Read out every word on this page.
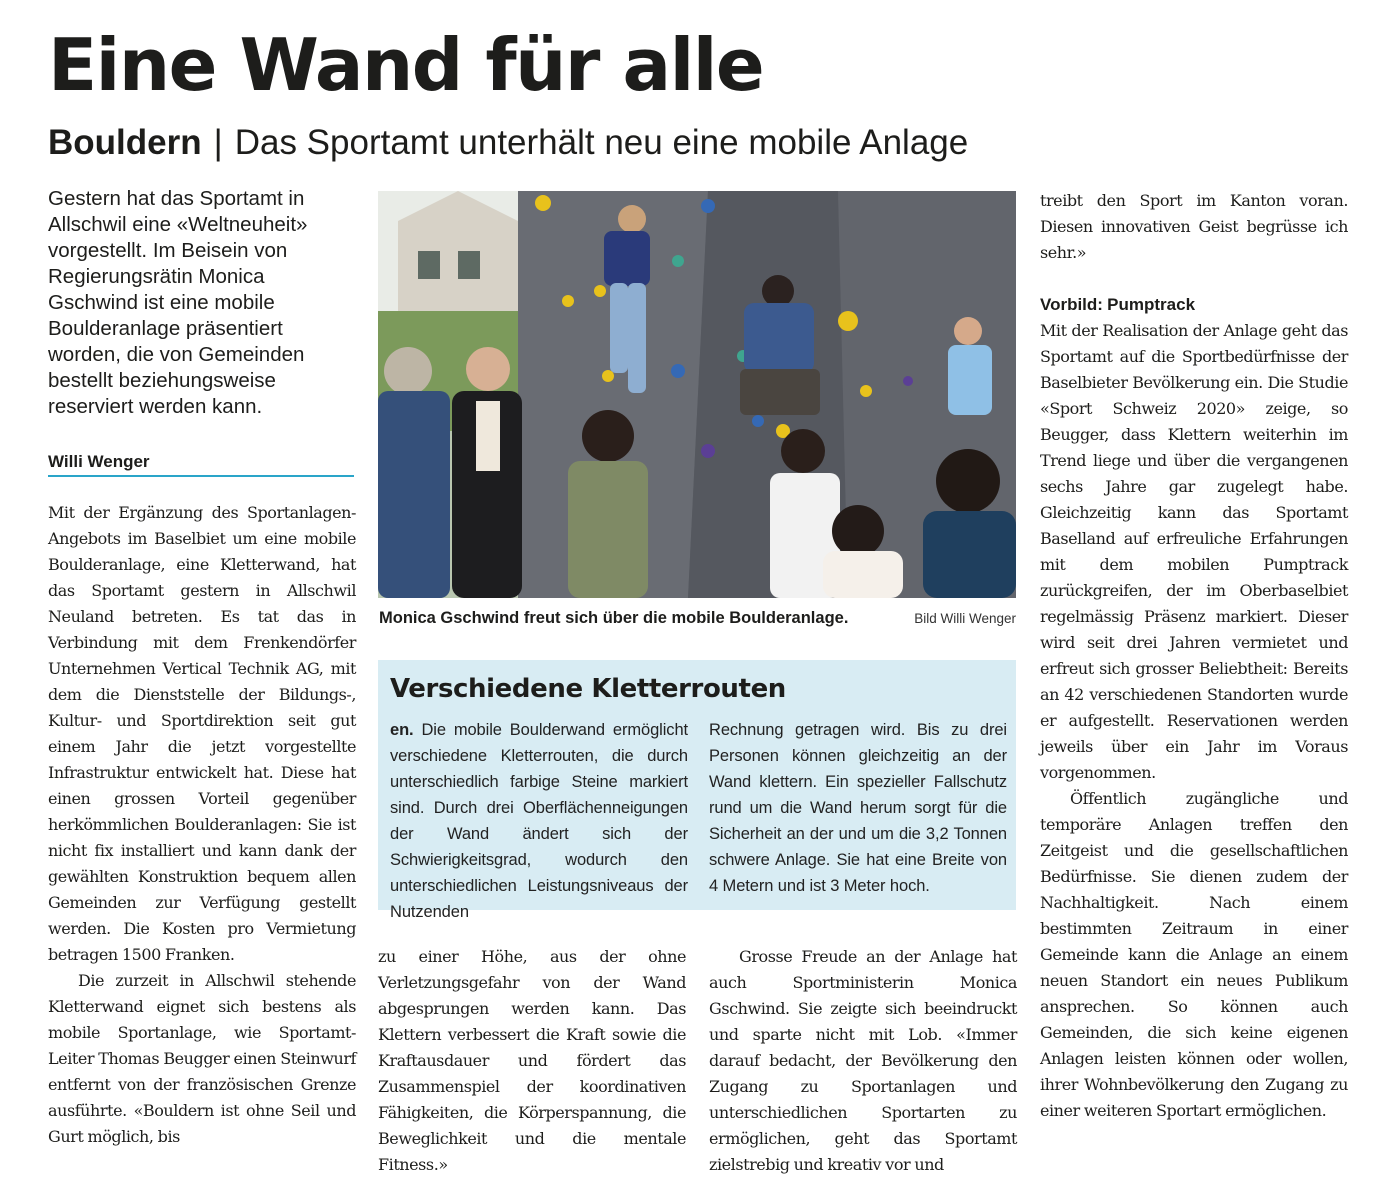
Eine Wand für alle
Bouldern | Das Sportamt unterhält neu eine mobile Anlage

Gestern hat das Sportamt in Allschwil eine «Weltneuheit» vorgestellt. Im Beisein von Regierungsrätin Monica Gschwind ist eine mobile Boulderanlage präsentiert worden, die von Gemeinden bestellt beziehungsweise reserviert werden kann.

Willi Wenger

Mit der Ergänzung des Sportanlagen-Angebots im Baselbiet um eine mobile Boulderanlage, eine Kletterwand, hat das Sportamt gestern in Allschwil Neuland betreten. Es tat das in Verbindung mit dem Frenkendörfer Unternehmen Vertical Technik AG, mit dem die Dienststelle der Bildungs-, Kultur- und Sportdirektion seit gut einem Jahr die jetzt vorgestellte Infrastruktur entwickelt hat. Diese hat einen grossen Vorteil gegenüber herkömmlichen Boulderanlagen: Sie ist nicht fix installiert und kann dank der gewählten Konstruktion bequem allen Gemeinden zur Verfügung gestellt werden. Die Kosten pro Vermietung betragen 1500 Franken.

Die zurzeit in Allschwil stehende Kletterwand eignet sich bestens als mobile Sportanlage, wie Sportamt-Leiter Thomas Beugger einen Steinwurf entfernt von der französischen Grenze ausführte. «Bouldern ist ohne Seil und Gurt möglich, bis

Monica Gschwind freut sich über die mobile Boulderanlage.	Bild Willi Wenger
Verschiedene Kletterrouten

en. Die mobile Boulderwand ermöglicht verschiedene Kletterrouten, die durch unterschiedlich farbige Steine markiert sind. Durch drei Oberflächenneigungen der Wand ändert sich der Schwierigkeitsgrad, wodurch den unterschiedlichen Leistungsniveaus der Nutzenden

Rechnung getragen wird. Bis zu drei Personen können gleichzeitig an der Wand klettern. Ein spezieller Fallschutz rund um die Wand herum sorgt für die Sicherheit an der und um die 3,2 Tonnen schwere Anlage. Sie hat eine Breite von 4 Metern und ist 3 Meter hoch.

zu einer Höhe, aus der ohne Verletzungsgefahr von der Wand abgesprungen werden kann. Das Klettern verbessert die Kraft sowie die Kraftausdauer und fördert das Zusammenspiel der koordinativen Fähigkeiten, die Körperspannung, die Beweglichkeit und die mentale Fitness.»

Grosse Freude an der Anlage hat auch Sportministerin Monica Gschwind. Sie zeigte sich beeindruckt und sparte nicht mit Lob. «Immer darauf bedacht, der Bevölkerung den Zugang zu Sportanlagen und unterschiedlichen Sportarten zu ermöglichen, geht das Sportamt zielstrebig und kreativ vor und

treibt den Sport im Kanton voran. Diesen innovativen Geist begrüsse ich sehr.»

Vorbild: Pumptrack

Mit der Realisation der Anlage geht das Sportamt auf die Sportbedürfnisse der Baselbieter Bevölkerung ein. Die Studie «Sport Schweiz 2020» zeige, so Beugger, dass Klettern weiterhin im Trend liege und über die vergangenen sechs Jahre gar zugelegt habe. Gleichzeitig kann das Sportamt Baselland auf erfreuliche Erfahrungen mit dem mobilen Pumptrack zurückgreifen, der im Oberbaselbiet regelmässig Präsenz markiert. Dieser wird seit drei Jahren vermietet und erfreut sich grosser Beliebtheit: Bereits an 42 verschiedenen Standorten wurde er aufgestellt. Reservationen werden jeweils über ein Jahr im Voraus vorgenommen.

Öffentlich zugängliche und temporäre Anlagen treffen den Zeitgeist und die gesellschaftlichen Bedürfnisse. Sie dienen zudem der Nachhaltigkeit. Nach einem bestimmten Zeitraum in einer Gemeinde kann die Anlage an einem neuen Standort ein neues Publikum ansprechen. So können auch Gemeinden, die sich keine eigenen Anlagen leisten können oder wollen, ihrer Wohnbevölkerung den Zugang zu einer weiteren Sportart ermöglichen.
